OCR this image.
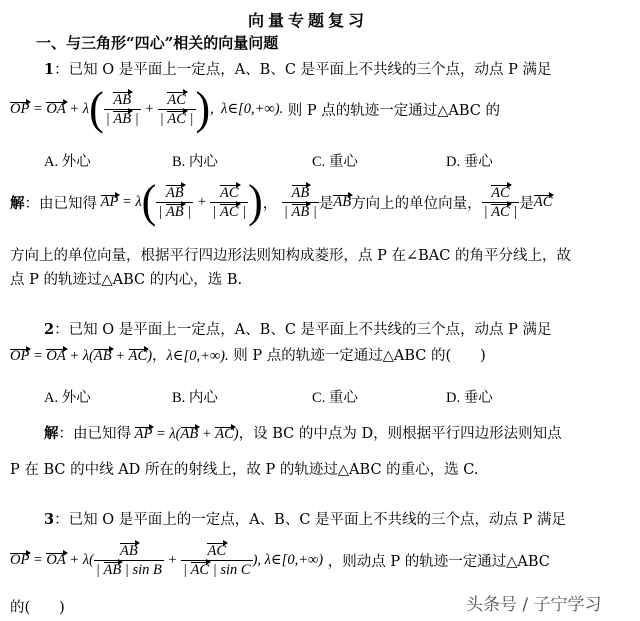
向量专题复习
一、与三角形“四心”相关的向量问题
1：已知 O 是平面上一定点，A、B、C 是平面上不共线的三个点，动点 P 满足
OP = OA + λ ( $\frac{AB}{| AB |} + \frac{AC}{| AC |}$ ) , λ∈[0,+∞).
则 P 点的轨迹一定通过△ABC 的
A. 外心	B. 内心	C. 重心	D. 垂心
解 ：由已知得 AP = λ ( $\frac{AB}{| AB |} + \frac{AC}{| AC |}$ ) ， $\frac{AB}{| AB |}$ 是 AB 方向上的单位向量， $\frac{AC}{| AC |}$ 是 AC
方向上的单位向量，根据平行四边形法则知构成菱形，点 P 在∠BAC 的角平分线上，故
点 P 的轨迹过△ABC 的内心，选 B.
2：已知 O 是平面上一定点，A、B、C 是平面上不共线的三个点，动点 P 满足
OP = OA + λ(AB + AC)，λ∈[0,+∞). 则 P 点的轨迹一定通过△ABC 的(　　)
A. 外心	B. 内心	C. 重心	D. 垂心
解：由已知得 AP = λ(AB + AC)，设 BC 的中点为 D，则根据平行四边形法则知点
P 在 BC 的中线 AD 所在的射线上，故 P 的轨迹过△ABC 的重心，选 C.
3：已知 O 是平面上的一定点，A、B、C 是平面上不共线的三个点，动点 P 满足
OP = OA + $\lambda( \frac{AB}{\text{| AB | sin B}} + \frac{AC}{\text{| AC | sin C}}$ ), λ∈[0,+∞) ， 则动点 P 的轨迹一定通过△ABC
的(　　)	头条号 / 子宁学习
